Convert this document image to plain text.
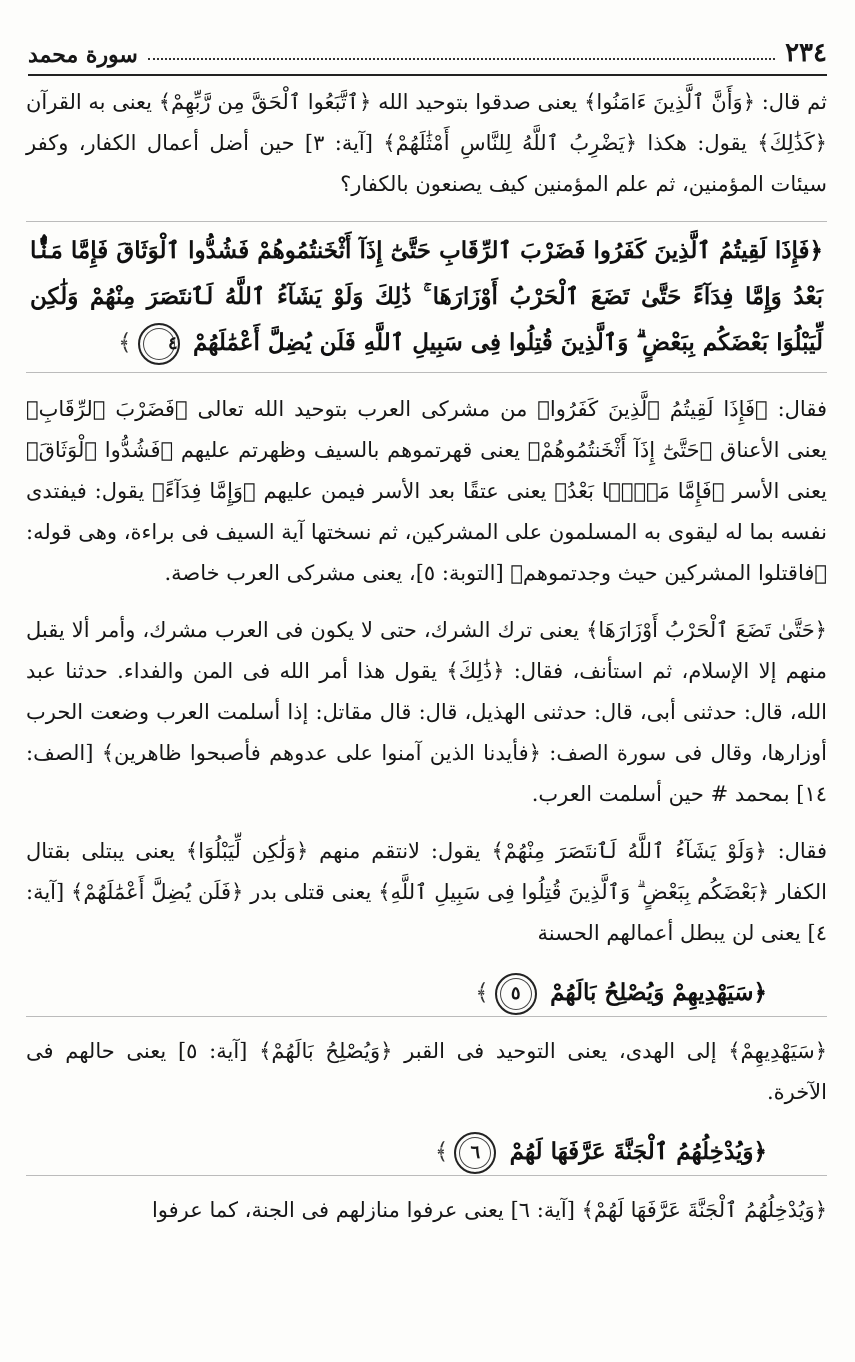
٢٣٤
سورة محمد

ثم قال: ﴿وَأَنَّ ٱلَّذِينَ ءَامَنُوا﴾ يعنى صدقوا بتوحيد الله ﴿ٱتَّبَعُوا ٱلْحَقَّ مِن رَّبِّهِمْ﴾ يعنى به القرآن ﴿كَذَٰلِكَ﴾ يقول: هكذا ﴿يَضْرِبُ ٱللَّهُ لِلنَّاسِ أَمْثَٰلَهُمْ﴾ [آية: ٣] حين أضل أعمال الكفار، وكفر سيئات المؤمنين، ثم علم المؤمنين كيف يصنعون بالكفار؟

﴿فَإِذَا لَقِيتُمُ ٱلَّذِينَ كَفَرُوا فَضَرْبَ ٱلرِّقَابِ حَتَّىٰٓ إِذَآ أَثْخَنتُمُوهُمْ فَشُدُّوا ٱلْوَثَاقَ فَإِمَّا مَنًّۢا بَعْدُ وَإِمَّا فِدَآءً حَتَّىٰ تَضَعَ ٱلْحَرْبُ أَوْزَارَهَا ۚ ذَٰلِكَ وَلَوْ يَشَآءُ ٱللَّهُ لَٱنتَصَرَ مِنْهُمْ وَلَٰكِن لِّيَبْلُوَا بَعْضَكُم بِبَعْضٍ ۗ وَٱلَّذِينَ قُتِلُوا فِى سَبِيلِ ٱللَّهِ فَلَن يُضِلَّ أَعْمَٰلَهُمْ ٤﴾

فقال: ﴿فَإِذَا لَقِيتُمُ ٱلَّذِينَ كَفَرُوا﴾ من مشركى العرب بتوحيد الله تعالى ﴿فَضَرْبَ ٱلرِّقَابِ﴾ يعنى الأعناق ﴿حَتَّىٰٓ إِذَآ أَثْخَنتُمُوهُمْ﴾ يعنى قهرتموهم بالسيف وظهرتم عليهم ﴿فَشُدُّوا ٱلْوَثَاقَ﴾ يعنى الأسر ﴿فَإِمَّا مَنًّۢا بَعْدُ﴾ يعنى عتقًا بعد الأسر فيمن عليهم ﴿وَإِمَّا فِدَآءً﴾ يقول: فيفتدى نفسه بما له ليقوى به المسلمون على المشركين، ثم نسختها آية السيف فى براءة، وهى قوله: ﴿فاقتلوا المشركين حيث وجدتموهم﴾ [التوبة: ٥]، يعنى مشركى العرب خاصة.

﴿حَتَّىٰ تَضَعَ ٱلْحَرْبُ أَوْزَارَهَا﴾ يعنى ترك الشرك، حتى لا يكون فى العرب مشرك، وأمر ألا يقبل منهم إلا الإسلام، ثم استأنف، فقال: ﴿ذَٰلِكَ﴾ يقول هذا أمر الله فى المن والفداء. حدثنا عبد الله، قال: حدثنى أبى، قال: حدثنى الهذيل، قال: قال مقاتل: إذا أسلمت العرب وضعت الحرب أوزارها، وقال فى سورة الصف: ﴿فأيدنا الذين آمنوا على عدوهم فأصبحوا ظاهرين﴾ [الصف: ١٤] بمحمد # حين أسلمت العرب.

فقال: ﴿وَلَوْ يَشَآءُ ٱللَّهُ لَٱنتَصَرَ مِنْهُمْ﴾ يقول: لانتقم منهم ﴿وَلَٰكِن لِّيَبْلُوَا﴾ يعنى يبتلى بقتال الكفار ﴿بَعْضَكُم بِبَعْضٍ ۗ وَٱلَّذِينَ قُتِلُوا فِى سَبِيلِ ٱللَّهِ﴾ يعنى قتلى بدر ﴿فَلَن يُضِلَّ أَعْمَٰلَهُمْ﴾ [آية: ٤] يعنى لن يبطل أعمالهم الحسنة

﴿سَيَهْدِيهِمْ وَيُصْلِحُ بَالَهُمْ ٥﴾

﴿سَيَهْدِيهِمْ﴾ إلى الهدى، يعنى التوحيد فى القبر ﴿وَيُصْلِحُ بَالَهُمْ﴾ [آية: ٥] يعنى حالهم فى الآخرة.

﴿وَيُدْخِلُهُمُ ٱلْجَنَّةَ عَرَّفَهَا لَهُمْ ٦﴾

﴿وَيُدْخِلُهُمُ ٱلْجَنَّةَ عَرَّفَهَا لَهُمْ﴾ [آية: ٦] يعنى عرفوا منازلهم فى الجنة، كما عرفوا
